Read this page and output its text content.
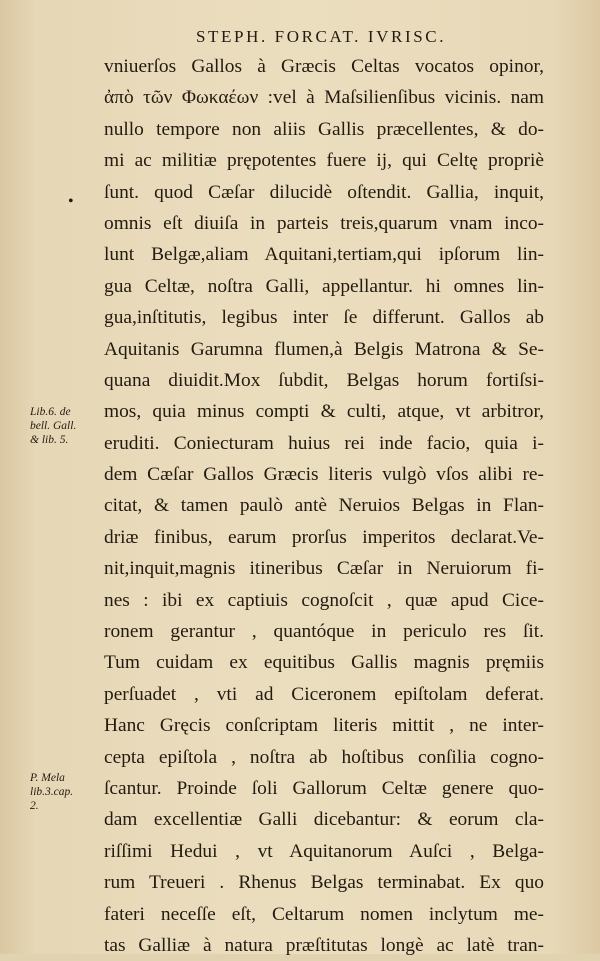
STEPH. FORCAT. IVRISC.
•
vniuerſos Gallos à Græcis Celtas vocatos opinor,
ἀπὸ τῶν Φωκαέων :vel à Maſsilienſibus vicinis. nam
nullo tempore non aliis Gallis præcellentes, & do-
mi ac militiæ prępotentes fuere ij, qui Celtę propriè
ſunt. quod Cæſar dilucidè oſtendit. Gallia, inquit,
omnis eſt diuiſa in parteis treis,quarum vnam inco-
lunt Belgæ,aliam Aquitani,tertiam,qui ipſorum lin-
gua Celtæ, noſtra Galli, appellantur. hi omnes lin-
gua,inſtitutis, legibus inter ſe differunt. Gallos ab
Aquitanis Garumna flumen,à Belgis Matrona & Se-
quana diuidit.Mox ſubdit, Belgas horum fortiſsi-
mos, quia minus compti & culti, atque, vt arbitror,
eruditi. Coniecturam huius rei inde facio, quia i-
dem Cæſar Gallos Græcis literis vulgò vſos alibi re-
citat, & tamen paulò antè Neruios Belgas in Flan-
driæ finibus, earum prorſus imperitos declarat.Ve-
nit,inquit,magnis itineribus Cæſar in Neruiorum fi-
nes : ibi ex captiuis cognoſcit , quæ apud Cice-
ronem gerantur , quantóque in periculo res ſit.
Tum cuidam ex equitibus Gallis magnis pręmiis
perſuadet , vti ad Ciceronem epiſtolam deferat.
Hanc Gręcis conſcriptam literis mittit , ne inter-
cepta epiſtola , noſtra ab hoſtibus conſilia cogno-
ſcantur. Proinde ſoli Gallorum Celtæ genere quo-
dam excellentiæ Galli dicebantur: & eorum cla-
riſſimi Hedui , vt Aquitanorum Auſci , Belga-
rum Treueri . Rhenus Belgas terminabat. Ex quo
fateri neceſſe eſt, Celtarum nomen inclytum me-
tas Galliæ à natura præſtitutas longè ac latè tran-
Lib.6. de
bell. Gall.
& lib. 5.
P. Mela
lib.3.cap.
2.
